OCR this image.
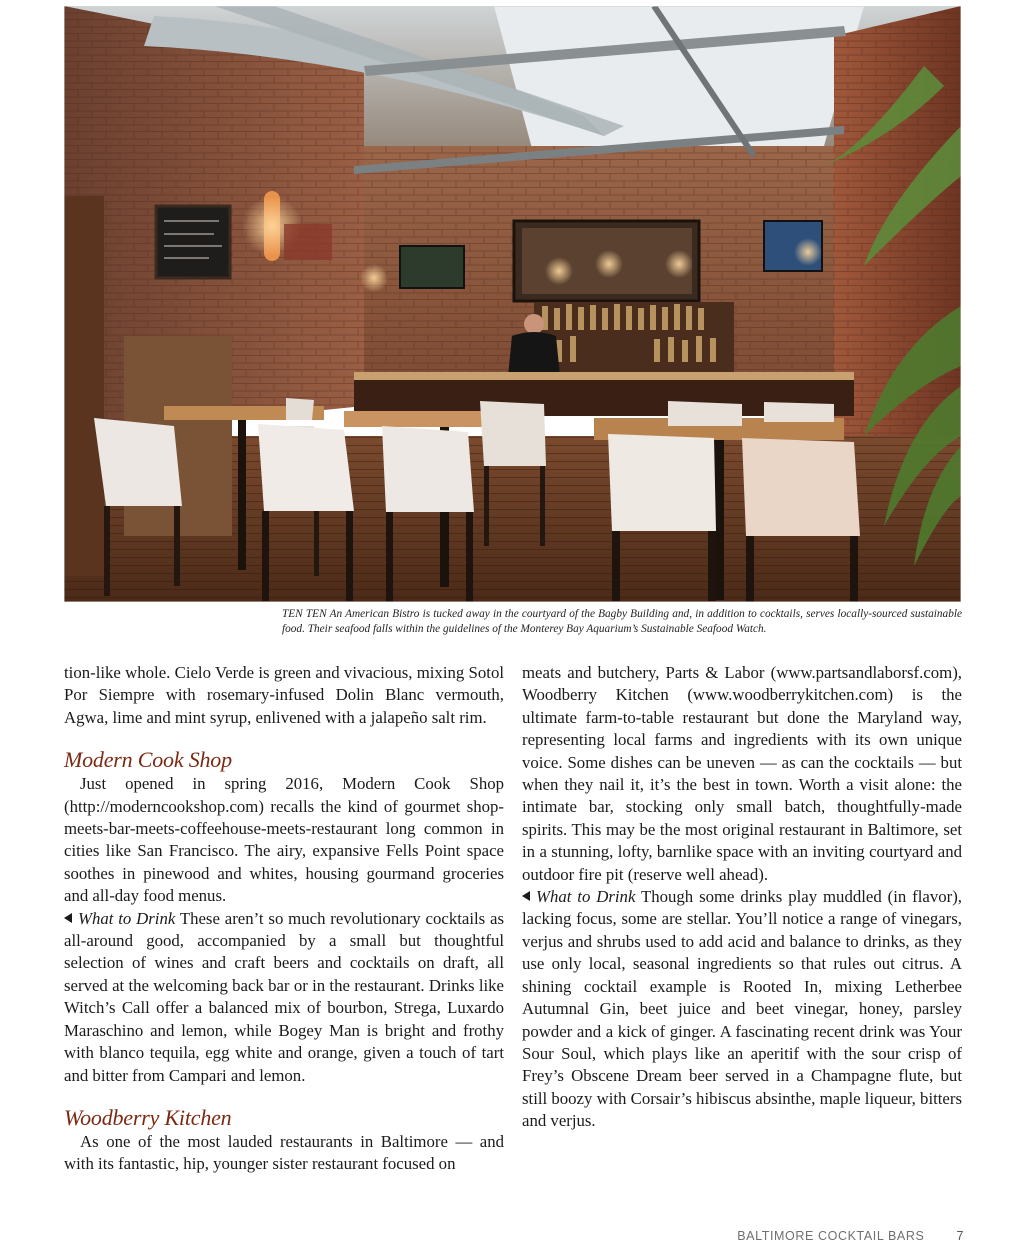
TEN TEN An American Bistro is tucked away in the courtyard of the Bagby Building and, in addition to cocktails, serves locally-sourced sustainable food. Their seafood falls within the guidelines of the Monterey Bay Aquarium’s Sustainable Seafood Watch.

tion-like whole. Cielo Verde is green and vivacious, mixing Sotol Por Siempre with rosemary-infused Dolin Blanc vermouth, Agwa, lime and mint syrup, enlivened with a jalapeño salt rim.

Modern Cook Shop

Just opened in spring 2016, Modern Cook Shop (http://moderncookshop.com) recalls the kind of gourmet shop-meets-bar-meets-coffeehouse-meets-restaurant long common in cities like San Francisco. The airy, expansive Fells Point space soothes in pinewood and whites, housing gourmand groceries and all-day food menus.

What to Drink These aren’t so much revolutionary cocktails as all-around good, accompanied by a small but thoughtful selection of wines and craft beers and cocktails on draft, all served at the welcoming back bar or in the restaurant. Drinks like Witch’s Call offer a balanced mix of bourbon, Strega, Luxardo Maraschino and lemon, while Bogey Man is bright and frothy with blanco tequila, egg white and orange, given a touch of tart and bitter from Campari and lemon.

Woodberry Kitchen

As one of the most lauded restaurants in Baltimore — and with its fantastic, hip, younger sister restaurant focused on

meats and butchery, Parts & Labor (www.partsandlaborsf.com), Woodberry Kitchen (www.woodberrykitchen.com) is the ultimate farm-to-table restaurant but done the Maryland way, representing local farms and ingredients with its own unique voice. Some dishes can be uneven — as can the cocktails — but when they nail it, it’s the best in town. Worth a visit alone: the intimate bar, stocking only small batch, thoughtfully-made spirits. This may be the most original restaurant in Baltimore, set in a stunning, lofty, barnlike space with an inviting courtyard and outdoor fire pit (reserve well ahead).

What to Drink Though some drinks play muddled (in flavor), lacking focus, some are stellar. You’ll notice a range of vinegars, verjus and shrubs used to add acid and balance to drinks, as they use only local, seasonal ingredients so that rules out citrus. A shining cocktail example is Rooted In, mixing Letherbee Autumnal Gin, beet juice and beet vinegar, honey, parsley powder and a kick of ginger. A fascinating recent drink was Your Sour Soul, which plays like an aperitif with the sour crisp of Frey’s Obscene Dream beer served in a Champagne flute, but still boozy with Corsair’s hibiscus absinthe, maple liqueur, bitters and verjus.

BALTIMORE COCKTAIL BARS	7
